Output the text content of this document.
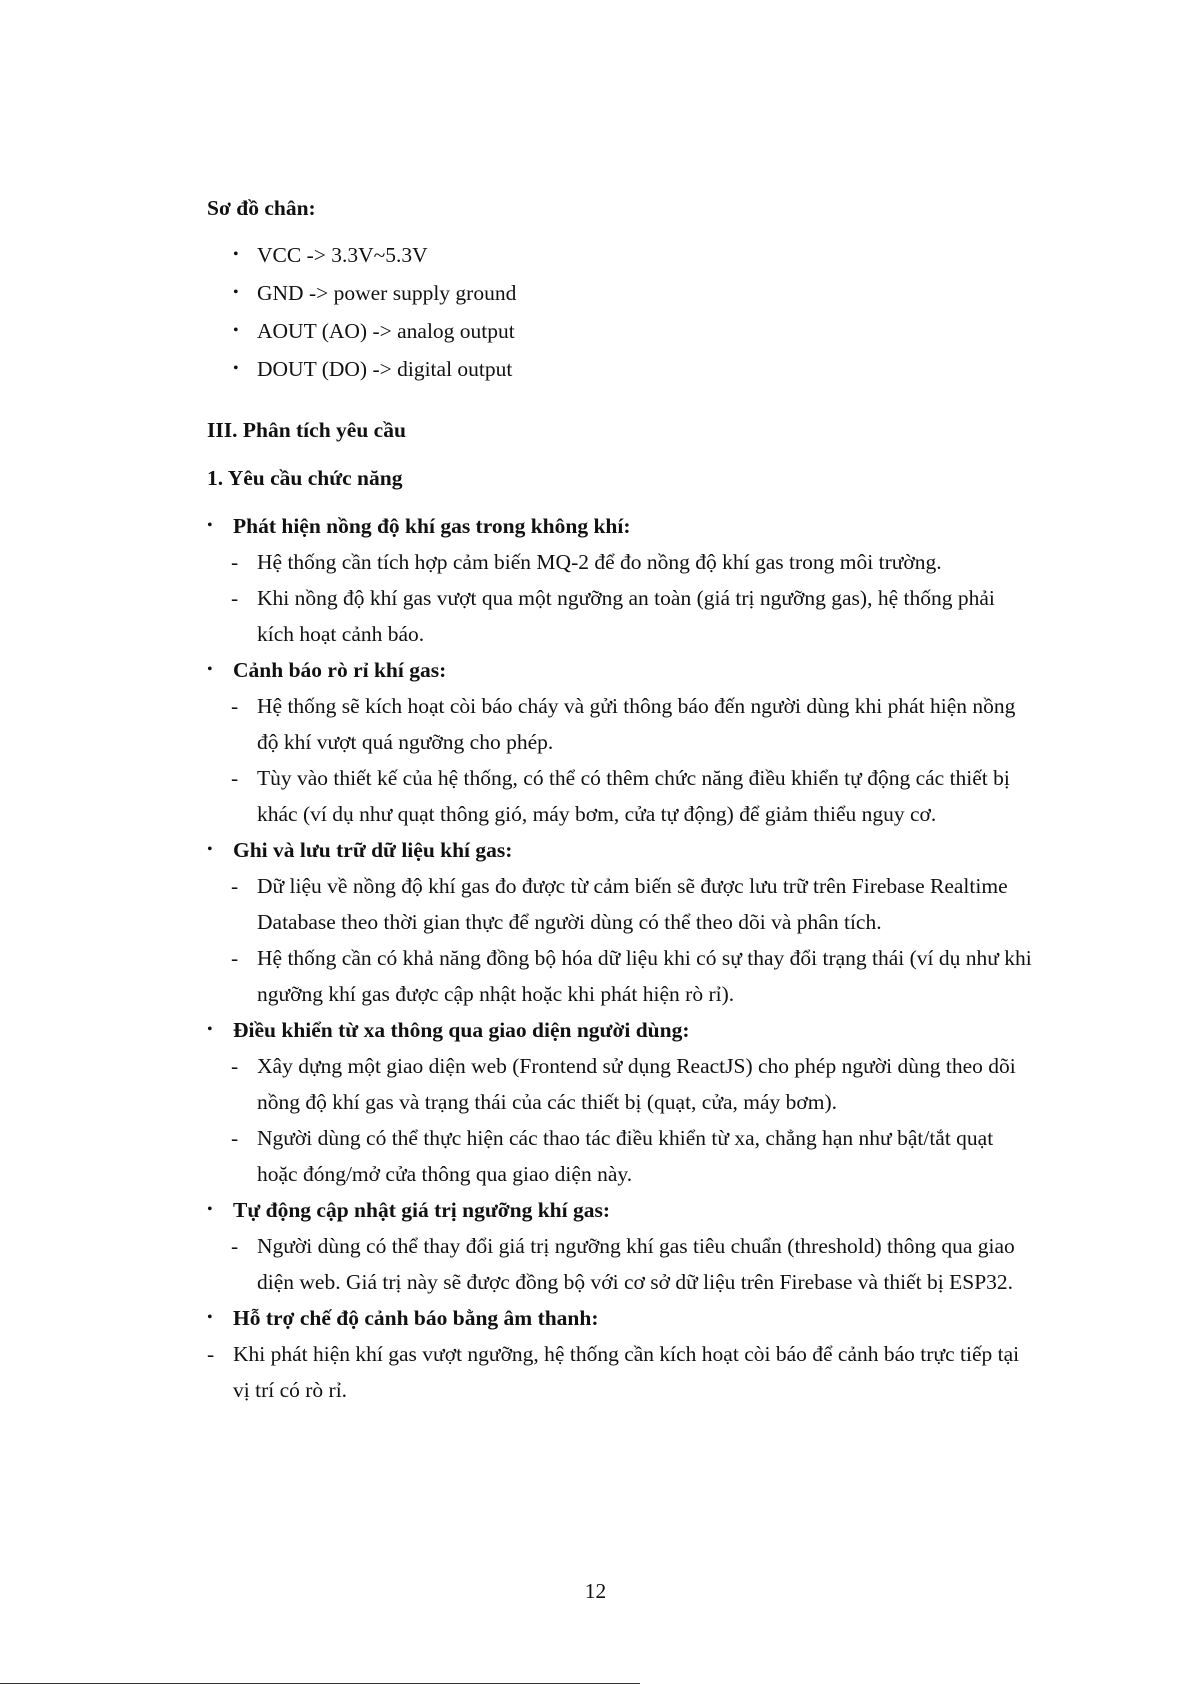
Sơ đồ chân:

• VCC -> 3.3V~5.3V
• GND -> power supply ground
• AOUT (AO) -> analog output
• DOUT (DO) -> digital output

III. Phân tích yêu cầu

1. Yêu cầu chức năng

• Phát hiện nồng độ khí gas trong không khí:
- Hệ thống cần tích hợp cảm biến MQ-2 để đo nồng độ khí gas trong môi trường.
- Khi nồng độ khí gas vượt qua một ngưỡng an toàn (giá trị ngưỡng gas), hệ thống phải kích hoạt cảnh báo.
• Cảnh báo rò rỉ khí gas:
- Hệ thống sẽ kích hoạt còi báo cháy và gửi thông báo đến người dùng khi phát hiện nồng độ khí vượt quá ngưỡng cho phép.
- Tùy vào thiết kế của hệ thống, có thể có thêm chức năng điều khiển tự động các thiết bị khác (ví dụ như quạt thông gió, máy bơm, cửa tự động) để giảm thiểu nguy cơ.
• Ghi và lưu trữ dữ liệu khí gas:
- Dữ liệu về nồng độ khí gas đo được từ cảm biến sẽ được lưu trữ trên Firebase Realtime Database theo thời gian thực để người dùng có thể theo dõi và phân tích.
- Hệ thống cần có khả năng đồng bộ hóa dữ liệu khi có sự thay đổi trạng thái (ví dụ như khi ngưỡng khí gas được cập nhật hoặc khi phát hiện rò rỉ).
• Điều khiển từ xa thông qua giao diện người dùng:
- Xây dựng một giao diện web (Frontend sử dụng ReactJS) cho phép người dùng theo dõi nồng độ khí gas và trạng thái của các thiết bị (quạt, cửa, máy bơm).
- Người dùng có thể thực hiện các thao tác điều khiển từ xa, chẳng hạn như bật/tắt quạt hoặc đóng/mở cửa thông qua giao diện này.
• Tự động cập nhật giá trị ngưỡng khí gas:
- Người dùng có thể thay đổi giá trị ngưỡng khí gas tiêu chuẩn (threshold) thông qua giao diện web. Giá trị này sẽ được đồng bộ với cơ sở dữ liệu trên Firebase và thiết bị ESP32.
• Hỗ trợ chế độ cảnh báo bằng âm thanh:
- Khi phát hiện khí gas vượt ngưỡng, hệ thống cần kích hoạt còi báo để cảnh báo trực tiếp tại vị trí có rò rỉ.
12
